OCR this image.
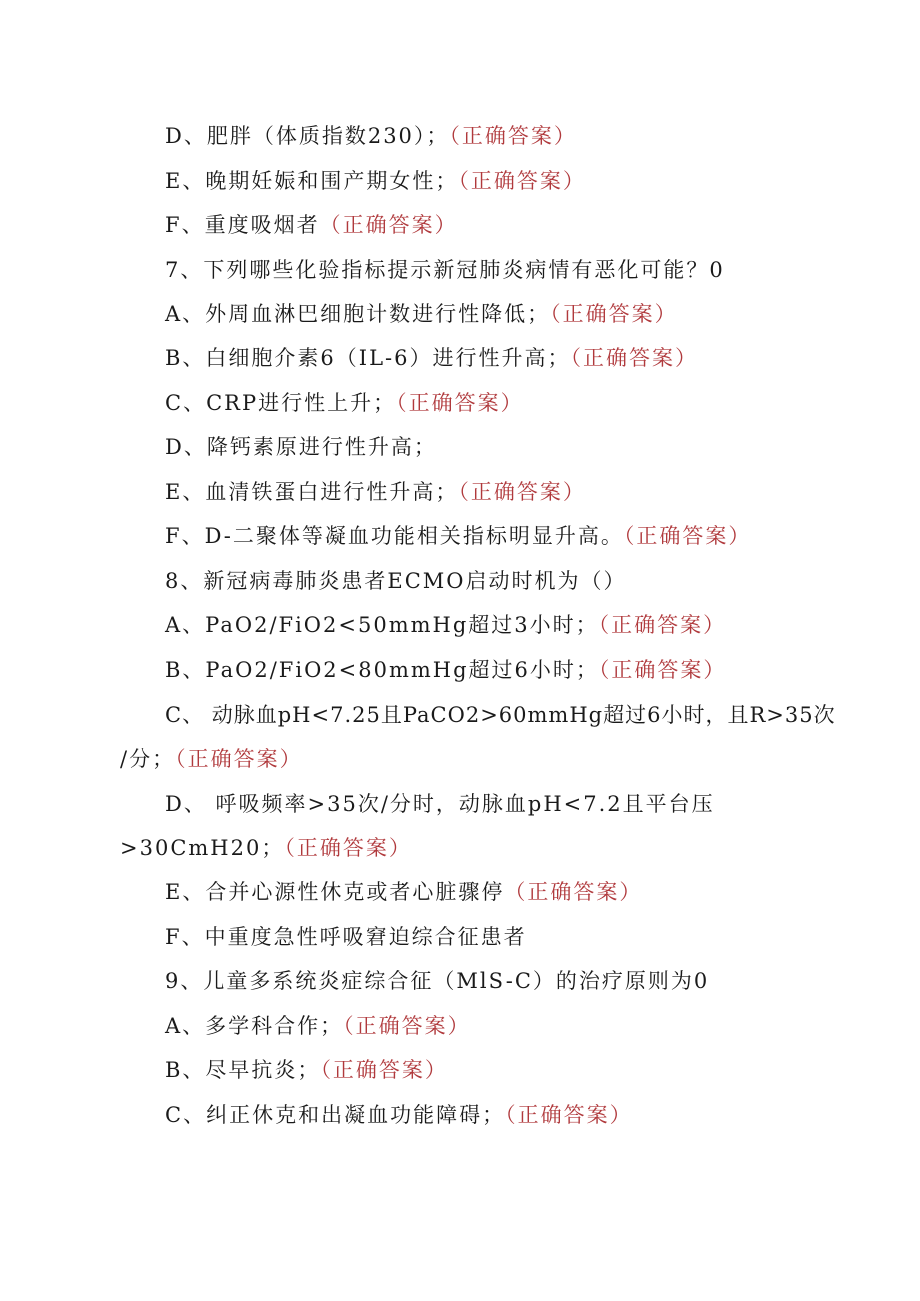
D、肥胖（体质指数230）；（正确答案）
E、晚期妊娠和围产期女性；（正确答案）
F、重度吸烟者（正确答案）
7、下列哪些化验指标提示新冠肺炎病情有恶化可能？0
A、外周血淋巴细胞计数进行性降低；（正确答案）
B、白细胞介素6（IL-6）进行性升高；（正确答案）
C、CRP进行性上升；（正确答案）
D、降钙素原进行性升高；
E、血清铁蛋白进行性升高；（正确答案）
F、D-二聚体等凝血功能相关指标明显升高。（正确答案）
8、新冠病毒肺炎患者ECMO启动时机为（）
A、PaO2/FiO2<50mmHg超过3小时；（正确答案）
B、PaO2/FiO2<80mmHg超过6小时；（正确答案）
C、 动脉血pH<7.25且PaCO2>60mmHg超过6小时，且R>35次
/分；（正确答案）
D、 呼吸频率>35次/分时，动脉血pH<7.2且平台压
>30CmH20；（正确答案）
E、合并心源性休克或者心脏骤停（正确答案）
F、中重度急性呼吸窘迫综合征患者
9、儿童多系统炎症综合征（MlS-C）的治疗原则为0
A、多学科合作；（正确答案）
B、尽早抗炎；（正确答案）
C、纠正休克和出凝血功能障碍；（正确答案）
